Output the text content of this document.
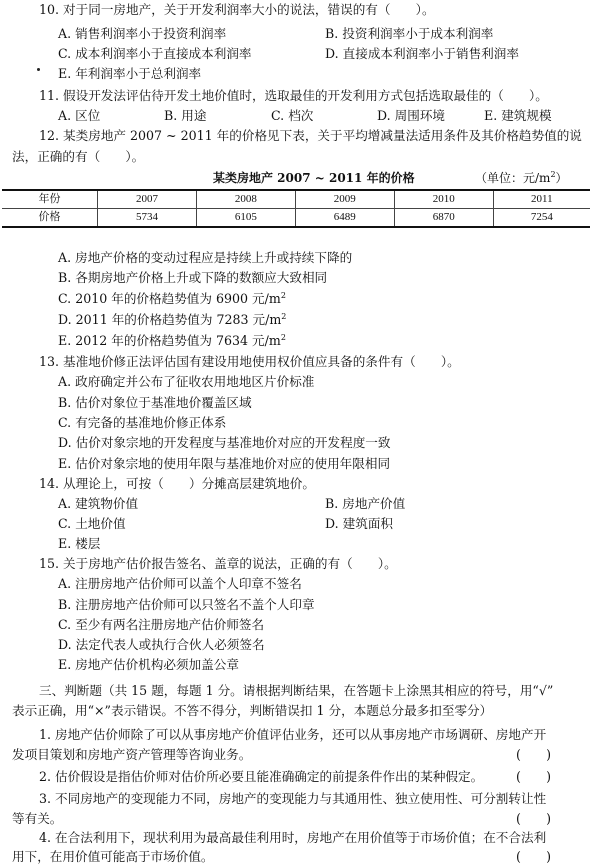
10. 对于同一房地产，关于开发利润率大小的说法，错误的有（　　）。
A. 销售利润率小于投资利润率	B. 投资利润率小于成本利润率
C. 成本利润率小于直接成本利润率	D. 直接成本利润率小于销售利润率
E. 年利润率小于总利润率
11. 假设开发法评估待开发土地价值时，选取最佳的开发利用方式包括选取最佳的（　　）。
A. 区位	B. 用途	C. 档次	D. 周围环境	E. 建筑规模
12. 某类房地产 2007 ~ 2011 年的价格见下表，关于平均增减量法适用条件及其价格趋势值的说
法，正确的有（　　）。
某类房地产 2007 ~ 2011 年的价格	（单位：元$/m^2$）
年份	2007	2008	2009	2010	2011
价格	5734	6105	6489	6870	7254
A. 房地产价格的变动过程应是持续上升或持续下降的
B. 各期房地产价格上升或下降的数额应大致相同
C. 2010 年的价格趋势值为 6900 元$/m^2$
D. 2011 年的价格趋势值为 7283 元$/m^2$
E. 2012 年的价格趋势值为 7634 元$/m^2$
13. 基准地价修正法评估国有建设用地使用权价值应具备的条件有（　　）。
A. 政府确定并公布了征收农用地地区片价标准
B. 估价对象位于基准地价覆盖区域
C. 有完备的基准地价修正体系
D. 估价对象宗地的开发程度与基准地价对应的开发程度一致
E. 估价对象宗地的使用年限与基准地价对应的使用年限相同
14. 从理论上，可按（　　）分摊高层建筑地价。
A. 建筑物价值	B. 房地产价值
C. 土地价值	D. 建筑面积
E. 楼层
15. 关于房地产估价报告签名、盖章的说法，正确的有（　　）。
A. 注册房地产估价师可以盖个人印章不签名
B. 注册房地产估价师可以只签名不盖个人印章
C. 至少有两名注册房地产估价师签名
D. 法定代表人或执行合伙人必须签名
E. 房地产估价机构必须加盖公章
三、判断题（共 15 题，每题 1 分。请根据判断结果，在答题卡上涂黑其相应的符号，用“√”
表示正确，用“×”表示错误。不答不得分，判断错误扣 1 分，本题总分最多扣至零分）
1. 房地产估价师除了可以从事房地产价值评估业务，还可以从事房地产市场调研、房地产开
发项目策划和房地产资产管理等咨询业务。	(　　)
2. 估价假设是指估价师对估价所必要且能准确确定的前提条件作出的某种假定。	(　　)
3. 不同房地产的变现能力不同，房地产的变现能力与其通用性、独立使用性、可分割转让性
等有关。	(　　)
4. 在合法利用下，现状利用为最高最佳利用时，房地产在用价值等于市场价值；在不合法利
用下，在用价值可能高于市场价值。	(　　)
